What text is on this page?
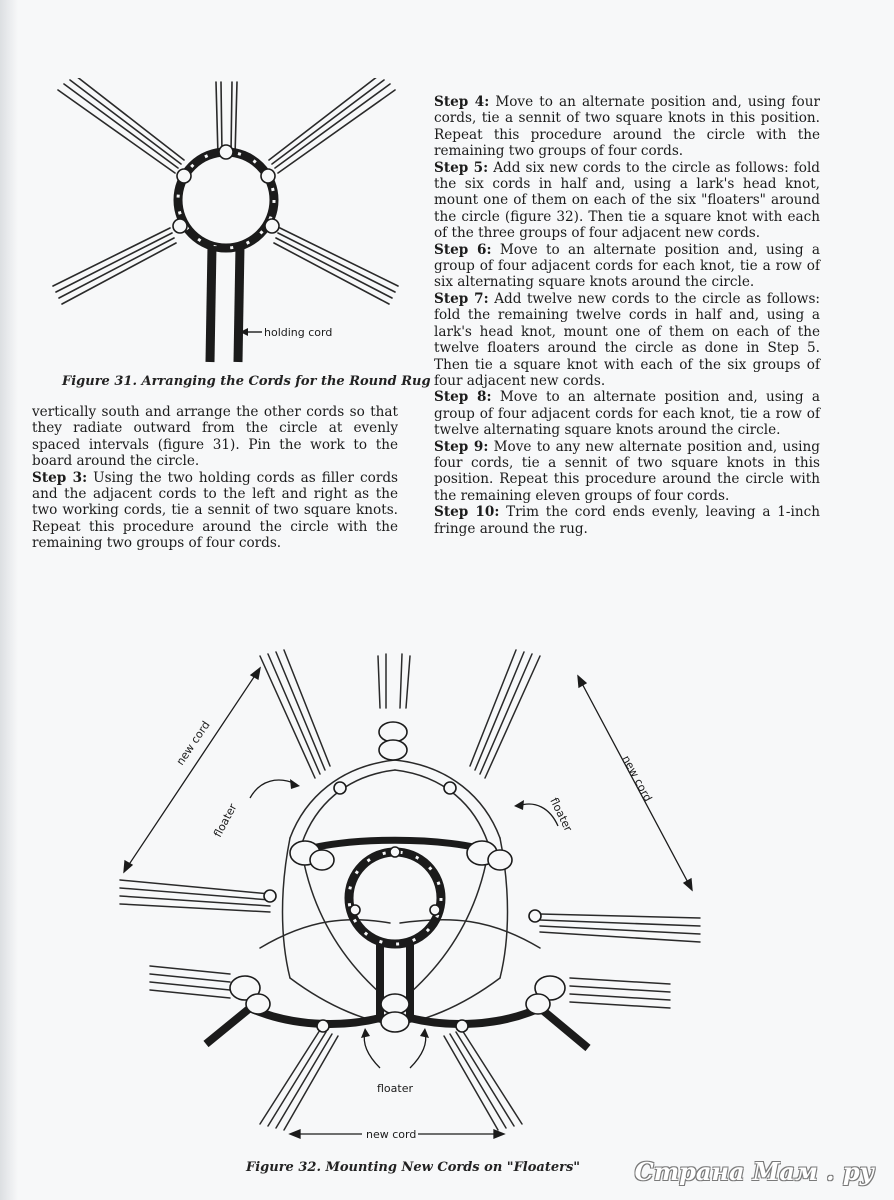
holding cord
Figure 31. Arranging the Cords for the Round Rug

vertically south and arrange the other cords so that they radiate outward from the circle at evenly spaced intervals (figure 31). Pin the work to the board around the circle.

Step 3: Using the two holding cords as filler cords and the adjacent cords to the left and right as the two working cords, tie a sennit of two square knots. Repeat this procedure around the circle with the remaining two groups of four cords.

Step 4: Move to an alternate position and, using four cords, tie a sennit of two square knots in this position. Repeat this procedure around the circle with the remaining two groups of four cords.

Step 5: Add six new cords to the circle as follows: fold the six cords in half and, using a lark's head knot, mount one of them on each of the six "floaters" around the circle (figure 32). Then tie a square knot with each of the three groups of four adjacent new cords.

Step 6: Move to an alternate position and, using a group of four adjacent cords for each knot, tie a row of six alternating square knots around the circle.

Step 7: Add twelve new cords to the circle as follows: fold the remaining twelve cords in half and, using a lark's head knot, mount one of them on each of the twelve floaters around the circle as done in Step 5. Then tie a square knot with each of the six groups of four adjacent new cords.

Step 8: Move to an alternate position and, using a group of four adjacent cords for each knot, tie a row of twelve alternating square knots around the circle.

Step 9: Move to any new alternate position and, using four cords, tie a sennit of two square knots in this position. Repeat this procedure around the circle with the remaining eleven groups of four cords.

Step 10: Trim the cord ends evenly, leaving a 1-inch fringe around the rug.

new cord
new cord
new cord
floater	floater
floater
Figure 32. Mounting New Cords on "Floaters" Страна Мам . ру
